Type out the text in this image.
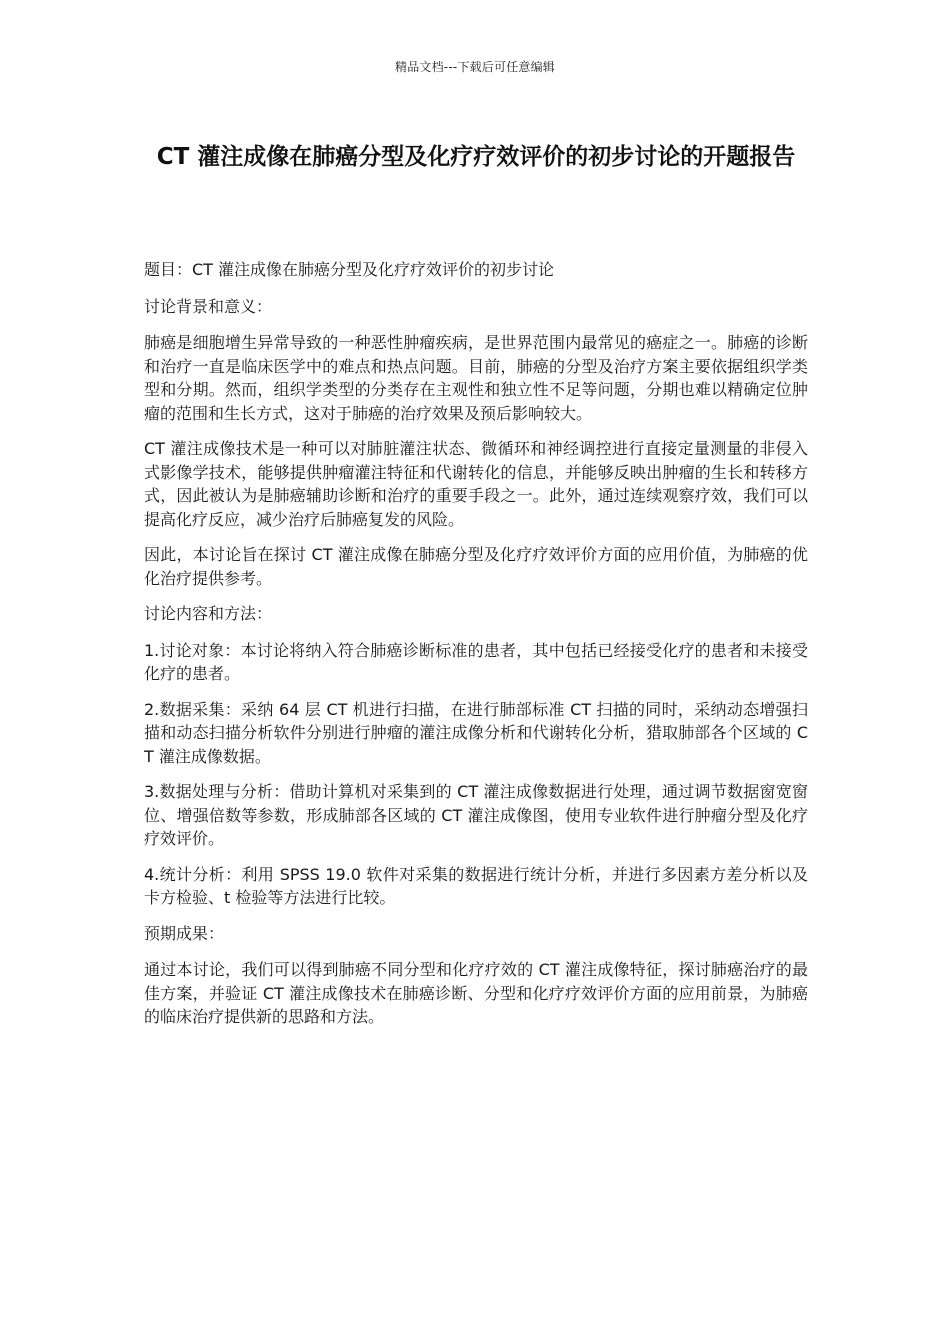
精品文档---下载后可任意编辑
CT 灌注成像在肺癌分型及化疗疗效评价的初步讨论的开题报告

题目：CT 灌注成像在肺癌分型及化疗疗效评价的初步讨论

讨论背景和意义：

肺癌是细胞增生异常导致的一种恶性肿瘤疾病，是世界范围内最常见的癌症之一。肺癌的诊断和治疗一直是临床医学中的难点和热点问题。目前，肺癌的分型及治疗方案主要依据组织学类型和分期。然而，组织学类型的分类存在主观性和独立性不足等问题，分期也难以精确定位肿瘤的范围和生长方式，这对于肺癌的治疗效果及预后影响较大。

CT 灌注成像技术是一种可以对肺脏灌注状态、微循环和神经调控进行直接定量测量的非侵入式影像学技术，能够提供肿瘤灌注特征和代谢转化的信息，并能够反映出肿瘤的生长和转移方式，因此被认为是肺癌辅助诊断和治疗的重要手段之一。此外，通过连续观察疗效，我们可以提高化疗反应，减少治疗后肺癌复发的风险。

因此，本讨论旨在探讨 CT 灌注成像在肺癌分型及化疗疗效评价方面的应用价值，为肺癌的优化治疗提供参考。

讨论内容和方法：

1.讨论对象：本讨论将纳入符合肺癌诊断标准的患者，其中包括已经接受化疗的患者和未接受化疗的患者。

2.数据采集：采纳 64 层 CT 机进行扫描，在进行肺部标准 CT 扫描的同时，采纳动态增强扫描和动态扫描分析软件分别进行肿瘤的灌注成像分析和代谢转化分析，猎取肺部各个区域的 CT 灌注成像数据。

3.数据处理与分析：借助计算机对采集到的 CT 灌注成像数据进行处理，通过调节数据窗宽窗位、增强倍数等参数，形成肺部各区域的 CT 灌注成像图，使用专业软件进行肿瘤分型及化疗疗效评价。

4.统计分析：利用 SPSS 19.0 软件对采集的数据进行统计分析，并进行多因素方差分析以及卡方检验、t 检验等方法进行比较。

预期成果：

通过本讨论，我们可以得到肺癌不同分型和化疗疗效的 CT 灌注成像特征，探讨肺癌治疗的最佳方案，并验证 CT 灌注成像技术在肺癌诊断、分型和化疗疗效评价方面的应用前景，为肺癌的临床治疗提供新的思路和方法。
